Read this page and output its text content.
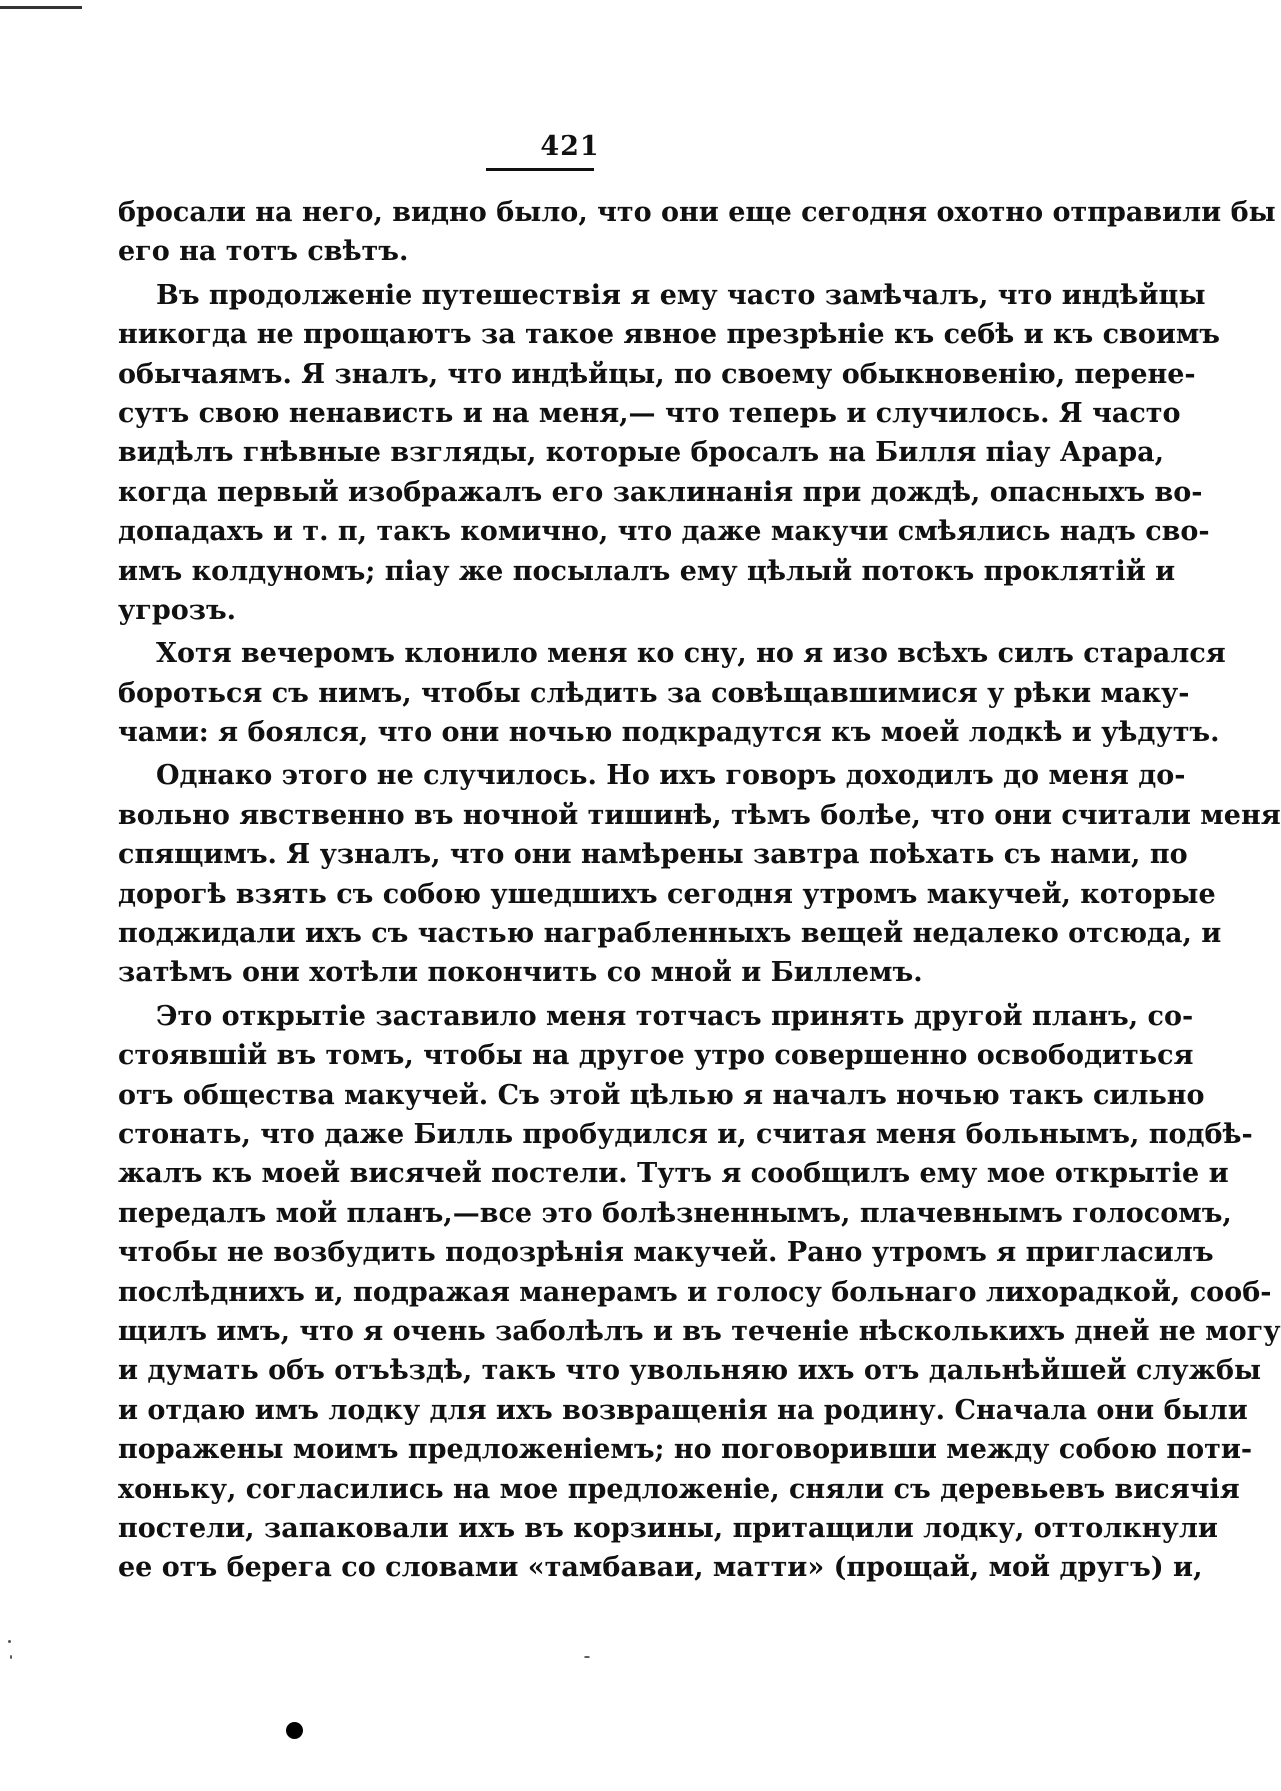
421
бросали на него, видно было, что они еще сегодня охотно отправили бы
его на тотъ свѣтъ.
Въ продолженіе путешествія я ему часто замѣчалъ, что индѣйцы
никогда не прощаютъ за такое явное презрѣніе къ себѣ и къ своимъ
обычаямъ. Я зналъ, что индѣйцы, по своему обыкновенію, перене-
сутъ свою ненависть и на меня,— что теперь и случилось. Я часто
видѣлъ гнѣвные взгляды, которые бросалъ на Билля піау Арара,
когда первый изображалъ его заклинанія при дождѣ, опасныхъ во-
допадахъ и т. п, такъ комично, что даже макучи смѣялись надъ сво-
имъ колдуномъ; піау же посылалъ ему цѣлый потокъ проклятій и
угрозъ.
Хотя вечеромъ клонило меня ко сну, но я изо всѣхъ силъ старался
бороться съ нимъ, чтобы слѣдить за совѣщавшимися у рѣки маку-
чами: я боялся, что они ночью подкрадутся къ моей лодкѣ и уѣдутъ.
Однако этого не случилось. Но ихъ говоръ доходилъ до меня до-
вольно явственно въ ночной тишинѣ, тѣмъ болѣе, что они считали меня
спящимъ. Я узналъ, что они намѣрены завтра поѣхать съ нами, по
дорогѣ взять съ собою ушедшихъ сегодня утромъ макучей, которые
поджидали ихъ съ частью награбленныхъ вещей недалеко отсюда, и
затѣмъ они хотѣли покончить со мной и Биллемъ.
Это открытіе заставило меня тотчасъ принять другой планъ, со-
стоявшій въ томъ, чтобы на другое утро совершенно освободиться
отъ общества макучей. Съ этой цѣлью я началъ ночью такъ сильно
стонать, что даже Билль пробудился и, считая меня больнымъ, подбѣ-
жалъ къ моей висячей постели. Тутъ я сообщилъ ему мое открытіе и
передалъ мой планъ,—все это болѣзненнымъ, плачевнымъ голосомъ,
чтобы не возбудить подозрѣнія макучей. Рано утромъ я пригласилъ
послѣднихъ и, подражая манерамъ и голосу больнаго лихорадкой, сооб-
щилъ имъ, что я очень заболѣлъ и въ теченіе нѣсколькихъ дней не могу
и думать объ отъѣздѣ, такъ что увольняю ихъ отъ дальнѣйшей службы
и отдаю имъ лодку для ихъ возвращенія на родину. Сначала они были
поражены моимъ предложеніемъ; но поговоривши между собою поти-
хоньку, согласились на мое предложеніе, сняли съ деревьевъ висячія
постели, запаковали ихъ въ корзины, притащили лодку, оттолкнули
ее отъ берега со словами «тамбаваи, матти» (прощай, мой другъ) и,
